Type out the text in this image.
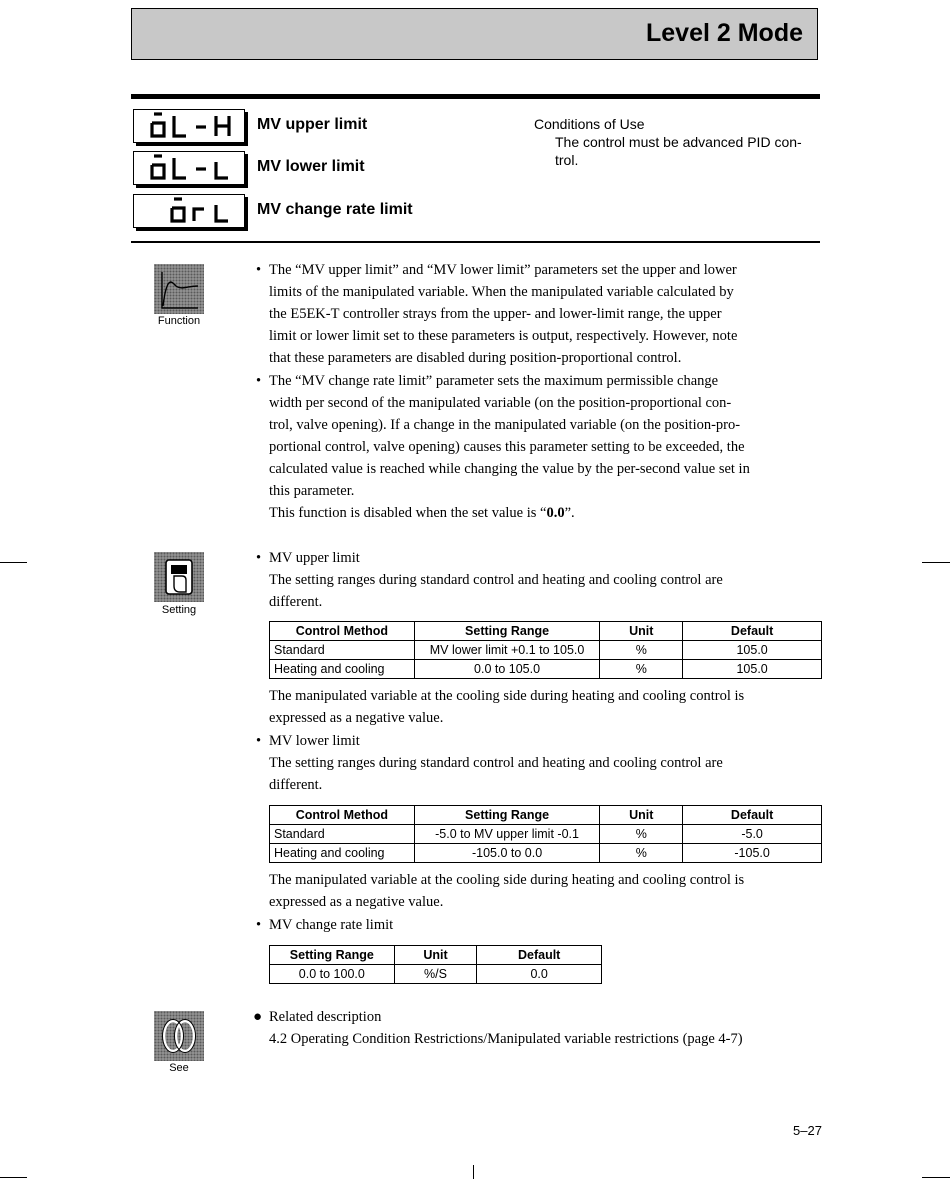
Level 2 Mode
MV upper limit
MV lower limit
MV change rate limit
Conditions of Use
The control must be advanced PID con-
trol.
Function
• The “MV upper limit” and “MV lower limit” parameters set the upper and lower
limits of the manipulated variable. When the manipulated variable calculated by
the E5EK-T controller strays from the upper- and lower-limit range, the upper
limit or lower limit set to these parameters is output, respectively. However, note
that these parameters are disabled during position-proportional control.
• The “MV change rate limit” parameter sets the maximum permissible change
width per second of the manipulated variable (on the position-proportional con-
trol, valve opening). If a change in the manipulated variable (on the position-pro-
portional control, valve opening) causes this parameter setting to be exceeded, the
calculated value is reached while changing the value by the per-second value set in
this parameter.
This function is disabled when the set value is “0.0”.
Setting
• MV upper limit
The setting ranges during standard control and heating and cooling control are
different.
Control Method	Setting Range	Unit	Default
Standard	MV lower limit +0.1 to 105.0	%	105.0
Heating and cooling	0.0 to 105.0	%	105.0
The manipulated variable at the cooling side during heating and cooling control is
expressed as a negative value.
• MV lower limit
The setting ranges during standard control and heating and cooling control are
different.
Control Method	Setting Range	Unit	Default
Standard	-5.0 to MV upper limit -0.1	%	-5.0
Heating and cooling	-105.0 to 0.0	%	-105.0
The manipulated variable at the cooling side during heating and cooling control is
expressed as a negative value.
• MV change rate limit
Setting Range	Unit	Default
0.0 to 100.0	%/S	0.0
See
● Related description
4.2 Operating Condition Restrictions/Manipulated variable restrictions (page 4-7)
5–27
